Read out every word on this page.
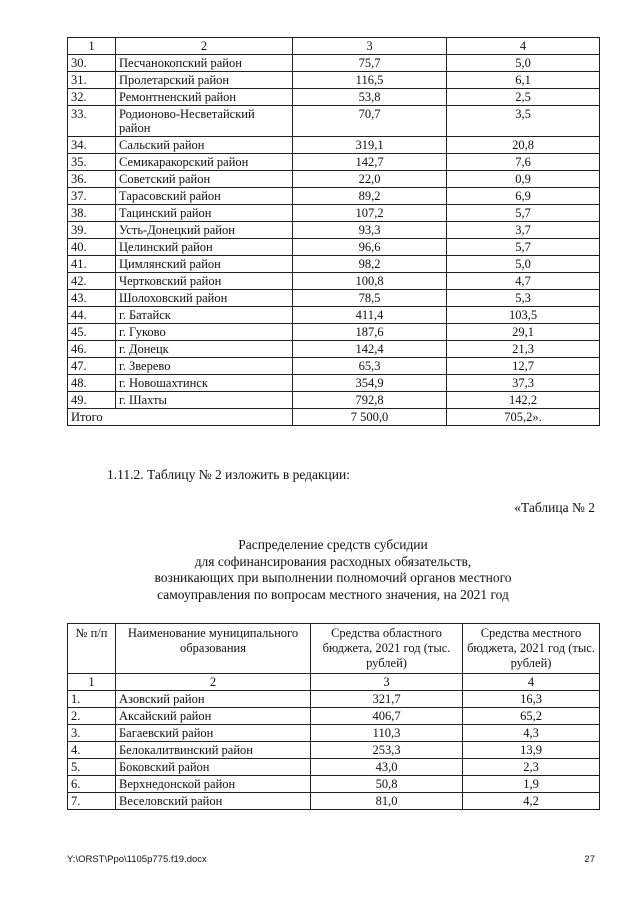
1	2	3	4
30.	Песчанокопский район	75,7	5,0
31.	Пролетарский район	116,5	6,1
32.	Ремонтненский район	53,8	2,5
33.	Родионово-Несветайский район	70,7	3,5
34.	Сальский район	319,1	20,8
35.	Семикаракорский район	142,7	7,6
36.	Советский район	22,0	0,9
37.	Тарасовский район	89,2	6,9
38.	Тацинский район	107,2	5,7
39.	Усть-Донецкий район	93,3	3,7
40.	Целинский район	96,6	5,7
41.	Цимлянский район	98,2	5,0
42.	Чертковский район	100,8	4,7
43.	Шолоховский район	78,5	5,3
44.	г. Батайск	411,4	103,5
45.	г. Гуково	187,6	29,1
46.	г. Донецк	142,4	21,3
47.	г. Зверево	65,3	12,7
48.	г. Новошахтинск	354,9	37,3
49.	г. Шахты	792,8	142,2
Итого		7 500,0	705,2».
1.11.2. Таблицу № 2 изложить в редакции:
«Таблица № 2
Распределение средств субсидии
для софинансирования расходных обязательств,
возникающих при выполнении полномочий органов местного
самоуправления по вопросам местного значения, на 2021 год
№ п/п	Наименование муниципального образования	Средства областного бюджета, 2021 год (тыс. рублей)	Средства местного бюджета, 2021 год (тыс. рублей)
1	2	3	4
1.	Азовский район	321,7	16,3
2.	Аксайский район	406,7	65,2
3.	Багаевский район	110,3	4,3
4.	Белокалитвинский район	253,3	13,9
5.	Боковский район	43,0	2,3
6.	Верхнедонской район	50,8	1,9
7.	Веселовский район	81,0	4,2
Y:\ORST\Ppo\1105p775.f19.docx	27
